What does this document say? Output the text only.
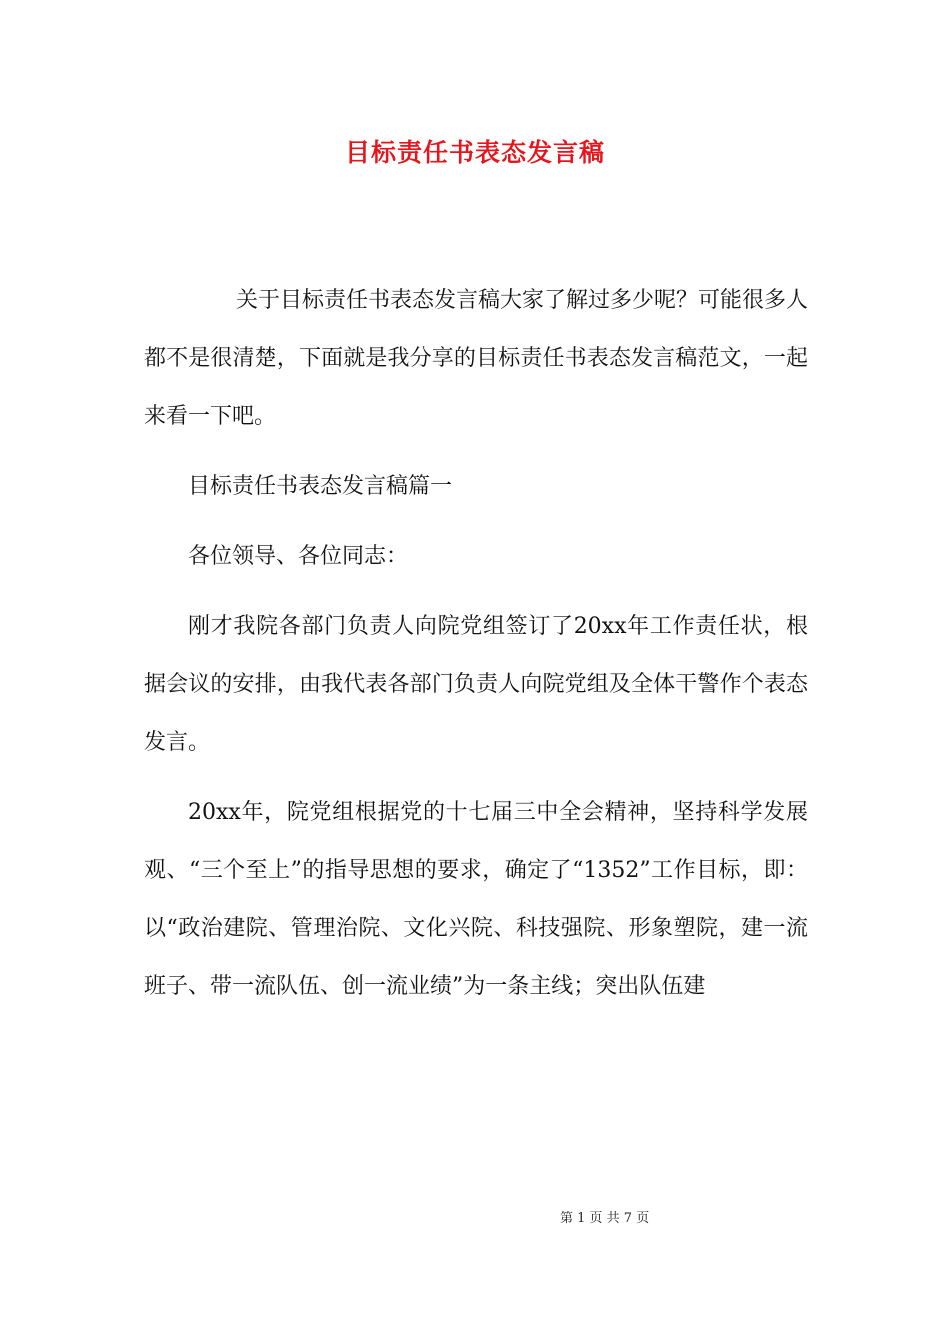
目标责任书表态发言稿

关于目标责任书表态发言稿大家了解过多少呢？可能很多人都不是很清楚，下面就是我分享的目标责任书表态发言稿范文，一起来看一下吧。

目标责任书表态发言稿篇一

各位领导、各位同志：

刚才我院各部门负责人向院党组签订了20xx年工作责任状，根据会议的安排，由我代表各部门负责人向院党组及全体干警作个表态发言。

20xx年，院党组根据党的十七届三中全会精神，坚持科学发展观、“三个至上”的指导思想的要求，确定了“1352”工作目标，即：以“政治建院、管理治院、文化兴院、科技强院、形象塑院，建一流班子、带一流队伍、创一流业绩”为一条主线；突出队伍建

第 1 页 共 7 页
